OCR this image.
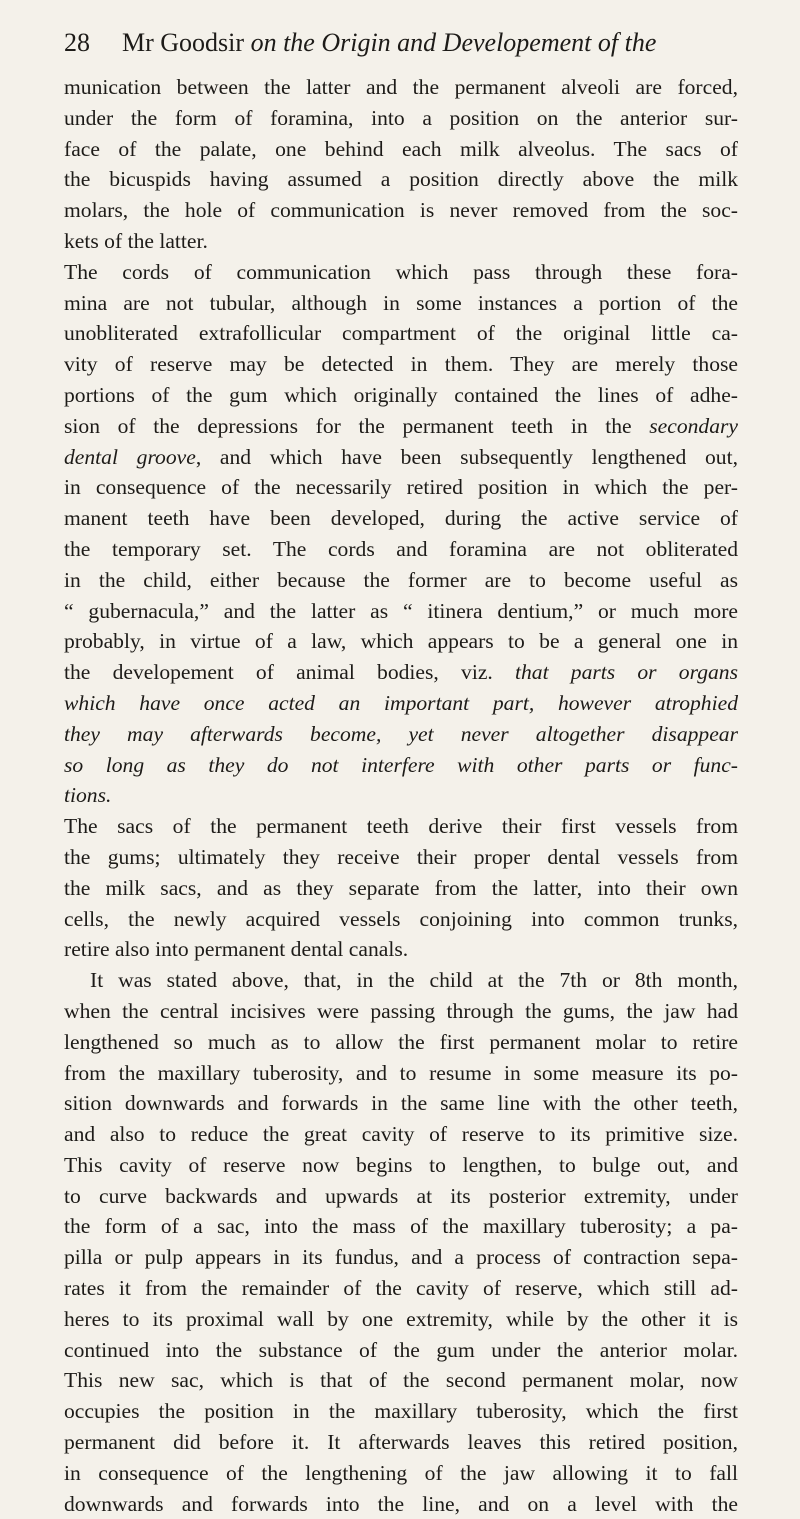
28	Mr Goodsir on the Origin and Developement of the

munication between the latter and the permanent alveoli are forced,
under the form of foramina, into a position on the anterior sur-
face of the palate, one behind each milk alveolus. The sacs of
the bicuspids having assumed a position directly above the milk
molars, the hole of communication is never removed from the soc-
kets of the latter.

The cords of communication which pass through these fora-
mina are not tubular, although in some instances a portion of the
unobliterated extrafollicular compartment of the original little ca-
vity of reserve may be detected in them. They are merely those
portions of the gum which originally contained the lines of adhe-
sion of the depressions for the permanent teeth in the secondary
dental groove, and which have been subsequently lengthened out,
in consequence of the necessarily retired position in which the per-
manent teeth have been developed, during the active service of
the temporary set. The cords and foramina are not obliterated
in the child, either because the former are to become useful as
“ gubernacula,” and the latter as “ itinera dentium,” or much more
probably, in virtue of a law, which appears to be a general one in
the developement of animal bodies, viz. that parts or organs
which have once acted an important part, however atrophied
they may afterwards become, yet never altogether disappear
so long as they do not interfere with other parts or func-
tions.

The sacs of the permanent teeth derive their first vessels from
the gums; ultimately they receive their proper dental vessels from
the milk sacs, and as they separate from the latter, into their own
cells, the newly acquired vessels conjoining into common trunks,
retire also into permanent dental canals.

It was stated above, that, in the child at the 7th or 8th month,
when the central incisives were passing through the gums, the jaw had
lengthened so much as to allow the first permanent molar to retire
from the maxillary tuberosity, and to resume in some measure its po-
sition downwards and forwards in the same line with the other teeth,
and also to reduce the great cavity of reserve to its primitive size.
This cavity of reserve now begins to lengthen, to bulge out, and
to curve backwards and upwards at its posterior extremity, under
the form of a sac, into the mass of the maxillary tuberosity; a pa-
pilla or pulp appears in its fundus, and a process of contraction sepa-
rates it from the remainder of the cavity of reserve, which still ad-
heres to its proximal wall by one extremity, while by the other it is
continued into the substance of the gum under the anterior molar.
This new sac, which is that of the second permanent molar, now
occupies the position in the maxillary tuberosity, which the first
permanent did before it. It afterwards leaves this retired position,
in consequence of the lengthening of the jaw allowing it to fall
downwards and forwards into the line, and on a level with the
